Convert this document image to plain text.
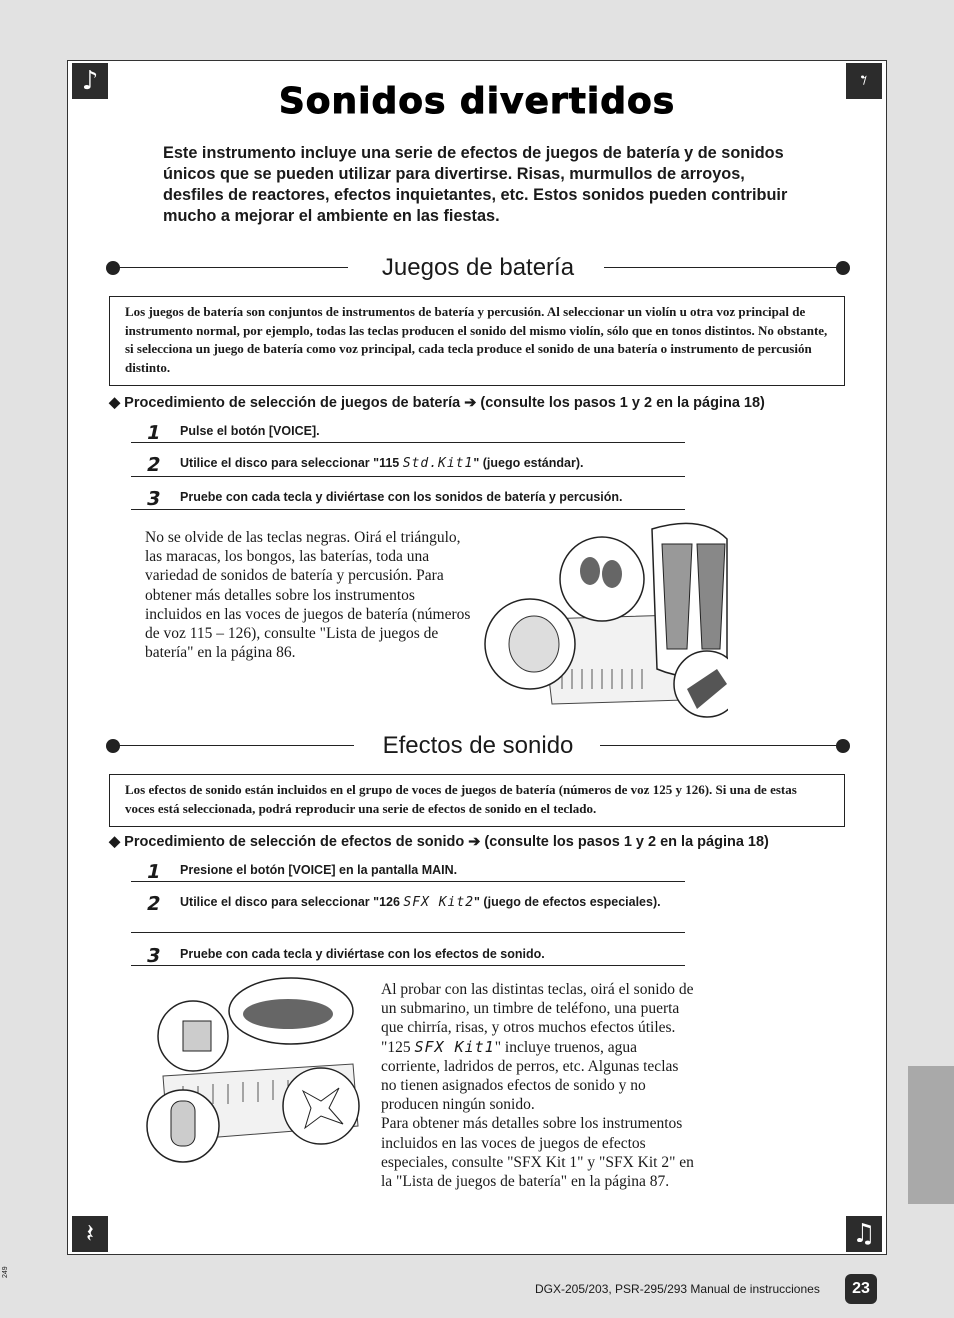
♪	𝄾
𝄽	♫
Sonidos divertidos
Este instrumento incluye una serie de efectos de juegos de batería y de sonidos únicos que se pueden utilizar para divertirse. Risas, murmullos de arroyos, desfiles de reactores, efectos inquietantes, etc. Estos sonidos pueden contribuir mucho a mejorar el ambiente en las fiestas.
Juegos de batería
Los juegos de batería son conjuntos de instrumentos de batería y percusión. Al seleccionar un violín u otra voz principal de instrumento normal, por ejemplo, todas las teclas producen el sonido del mismo violín, sólo que en tonos distintos. No obstante, si selecciona un juego de batería como voz principal, cada tecla produce el sonido de una batería o instrumento de percusión distinto.
◆ Procedimiento de selección de juegos de batería ➔ (consulte los pasos 1 y 2 en la página 18)
1 Pulse el botón [VOICE].
2 Utilice el disco para seleccionar "115 Std.Kit1" (juego estándar).
3 Pruebe con cada tecla y diviértase con los sonidos de batería y percusión.
No se olvide de las teclas negras. Oirá el triángulo, las maracas, los bongos, las baterías, toda una variedad de sonidos de batería y percusión. Para obtener más detalles sobre los instrumentos incluidos en las voces de juegos de batería (números de voz 115 – 126), consulte "Lista de juegos de batería" en la página 86.
Efectos de sonido
Los efectos de sonido están incluidos en el grupo de voces de juegos de batería (números de voz 125 y 126). Si una de estas voces está seleccionada, podrá reproducir una serie de efectos de sonido en el teclado.
◆ Procedimiento de selección de efectos de sonido ➔ (consulte los pasos 1 y 2 en la página 18)
1 Presione el botón [VOICE] en la pantalla MAIN.
2 Utilice el disco para seleccionar "126 SFX Kit2" (juego de efectos especiales).
3 Pruebe con cada tecla y diviértase con los efectos de sonido.
Al probar con las distintas teclas, oirá el sonido de un submarino, un timbre de teléfono, una puerta que chirría, risas, y otros muchos efectos útiles. "125 SFX Kit1" incluye truenos, agua corriente, ladridos de perros, etc. Algunas teclas no tienen asignados efectos de sonido y no producen ningún sonido.
Para obtener más detalles sobre los instrumentos incluidos en las voces de juegos de efectos especiales, consulte "SFX Kit 1" y "SFX Kit 2" en la "Lista de juegos de batería" en la página 87.
DGX-205/203, PSR-295/293 Manual de instrucciones	23
249
